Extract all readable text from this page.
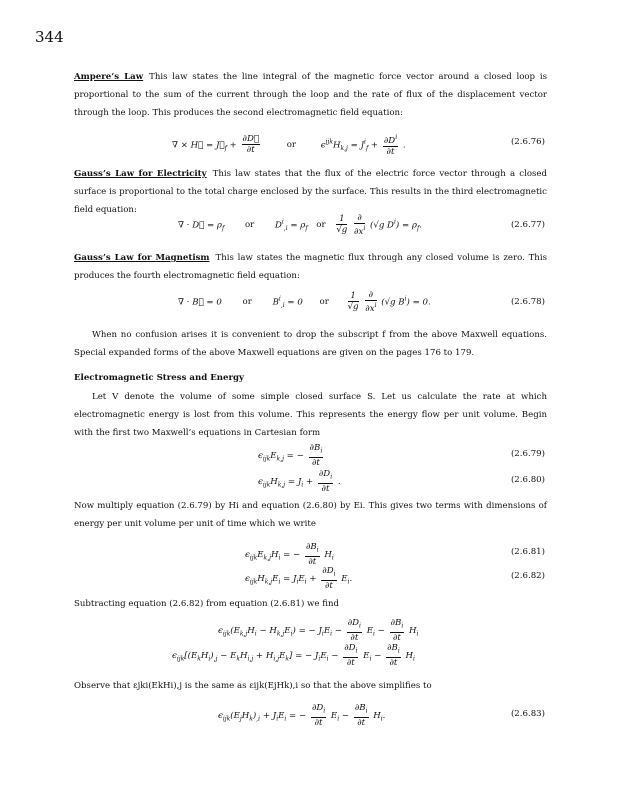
344
Ampere’s Law This law states the line integral of the magnetic force vector around a closed loop is proportional to the sum of the current through the loop and the rate of flux of the displacement vector through the loop. This produces the second electromagnetic field equation:
∇ × H⃗ = $J⃗_f + \frac{\partial D⃗}{\partial t}$	or	$\epsilon^{ijk}H_{k,j} = J^i_f + \frac{\partial D^i}{\partial t}$ .	(2.6.76)
Gauss’s Law for Electricity This law states that the flux of the electric force vector through a closed surface is proportional to the total charge enclosed by the surface. This results in the third electromagnetic field equation:
∇ · D⃗ = $\rho_f$ or $D^i_{,i} = \rho_f$ or $\frac{1}{√g}$
$\frac{\partial}{\partial x^i} (√g$ $D^i) = \rho_f$.	(2.6.77)
Gauss’s Law for Magnetism This law states the magnetic flux through any closed volume is zero. This produces the fourth electromagnetic field equation:
∇ · B⃗ = 0 or $B^i_{,i} = 0$ or $\frac{1}{√g}$
$\frac{\partial}{\partial x^i} (√g$ $B^i) = 0$.	(2.6.78)
When no confusion arises it is convenient to drop the subscript f from the above Maxwell equations. Special expanded forms of the above Maxwell equations are given on the pages 176 to 179.
Electromagnetic Stress and Energy
Let V denote the volume of some simple closed surface S. Let us calculate the rate at which electromagnetic energy is lost from this volume. This represents the energy flow per unit volume. Begin with the first two Maxwell’s equations in Cartesian form
$\epsilon_{ijk}E_{k,j}$ = − $\frac{\partial B_i}{\partial t}$	(2.6.79)
$\epsilon_{ijk}H_{k,j} = J_i + \frac{\partial D_i}{\partial t}$ .	(2.6.80)
Now multiply equation (2.6.79) by Hi and equation (2.6.80) by Ei. This gives two terms with dimensions of energy per unit volume per unit of time which we write
$\epsilon_{ijk}E_{k,j}H_i$ = − $\frac{\partial B_i}{\partial t} H_i$
(2.6.81)
$\epsilon_{ijk}H_{k,j}E_i = J_iE_i + \frac{\partial D_i}{\partial t} E_i$.	(2.6.82)
Subtracting equation (2.6.82) from equation (2.6.81) we find
$\epsilon_{ijk}(E_{k,j}H_i - H_{k,j}E_i)$ = − $J_iE_i - \frac{\partial D_i}{\partial t} E_i - \frac{\partial B_i}{\partial t} H_i$
$\epsilon_{ijk}[(E_kH_i)_{,j} - E_kH_{i,j} + H_{i,j}E_k]$ = − $J_iE_i - \frac{\partial D_i}{\partial t} E_i - \frac{\partial B_i}{\partial t} H_i$
Observe that εjki(EkHi),j is the same as εijk(EjHk),i so that the above simplifies to
$\epsilon_{ijk}(E_jH_k)_{,i} + J_iE_i$ = − $\frac{\partial D_i}{\partial t} E_i - \frac{\partial B_i}{\partial t} H_i$.	(2.6.83)
